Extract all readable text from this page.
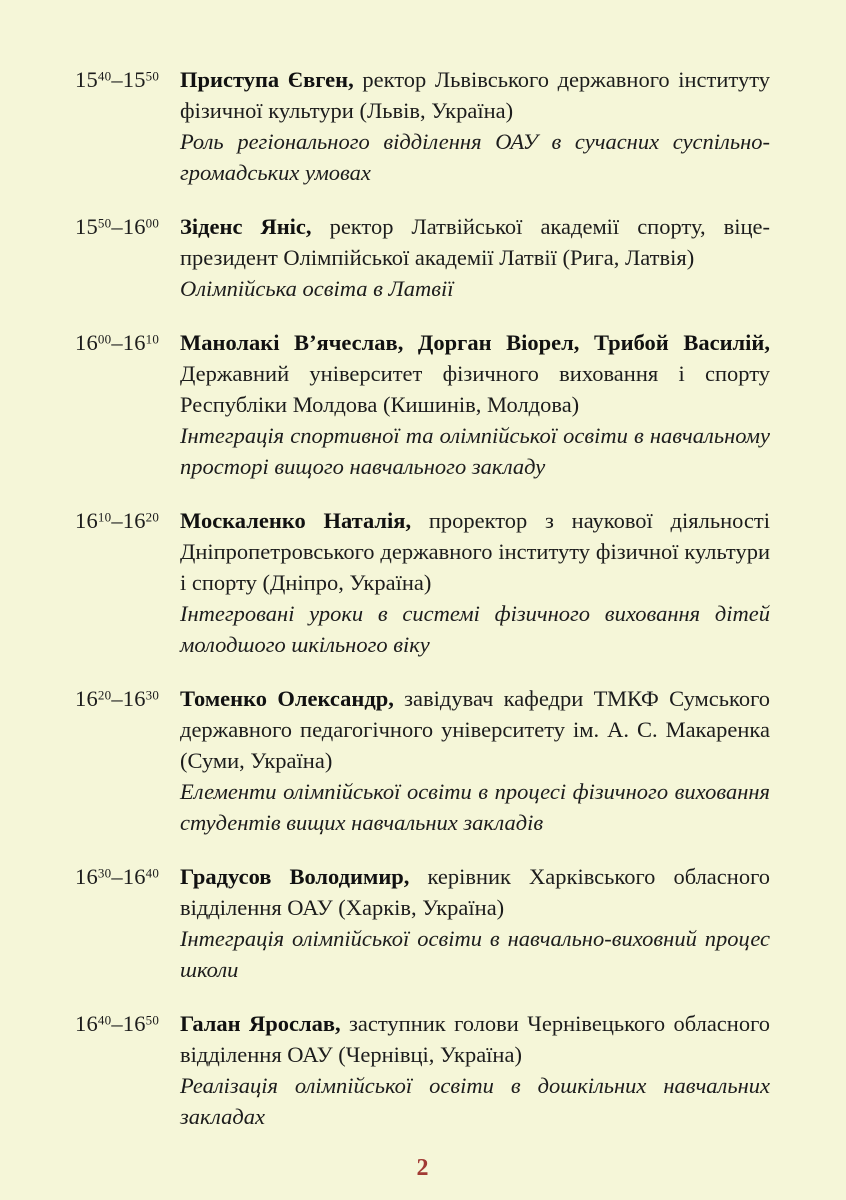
$15^{40}-15^{50}$ Приступа Євген, ректор Львівського державного інституту фізичної культури (Львів, Україна)

Роль регіонального відділення ОАУ в сучасних суспільно-громадських умовах

$15^{50}-16^{00}$ Зіденс Яніс, ректор Латвійської академії спорту, віце-президент Олімпійської академії Латвії (Рига, Латвія)

Олімпійська освіта в Латвії

$16^{00}-16^{10}$ Манолакі В’ячеслав, Дорган Віорел, Трибой Василій, Державний університет фізичного виховання і спорту Республіки Молдова (Кишинів, Молдова)

Інтеграція спортивної та олімпійської освіти в навчальному просторі вищого навчального закладу

$16^{10}-16^{20}$ Москаленко Наталія, проректор з наукової діяльності Дніпропетровського державного інституту фізичної культури і спорту (Дніпро, Україна)

Інтегровані уроки в системі фізичного виховання дітей молодшого шкільного віку

$16^{20}-16^{30}$ Томенко Олександр, завідувач кафедри ТМКФ Сумського державного педагогічного університету ім. А. С. Макаренка (Суми, Україна)

Елементи олімпійської освіти в процесі фізичного виховання студентів вищих навчальних закладів

$16^{30}-16^{40}$ Градусов Володимир, керівник Харківського обласного відділення ОАУ (Харків, Україна)

Інтеграція олімпійської освіти в навчально-виховний процес школи

$16^{40}-16^{50}$ Галан Ярослав, заступник голови Чернівецького обласного відділення ОАУ (Чернівці, Україна)

Реалізація олімпійської освіти в дошкільних навчальних закладах

2
